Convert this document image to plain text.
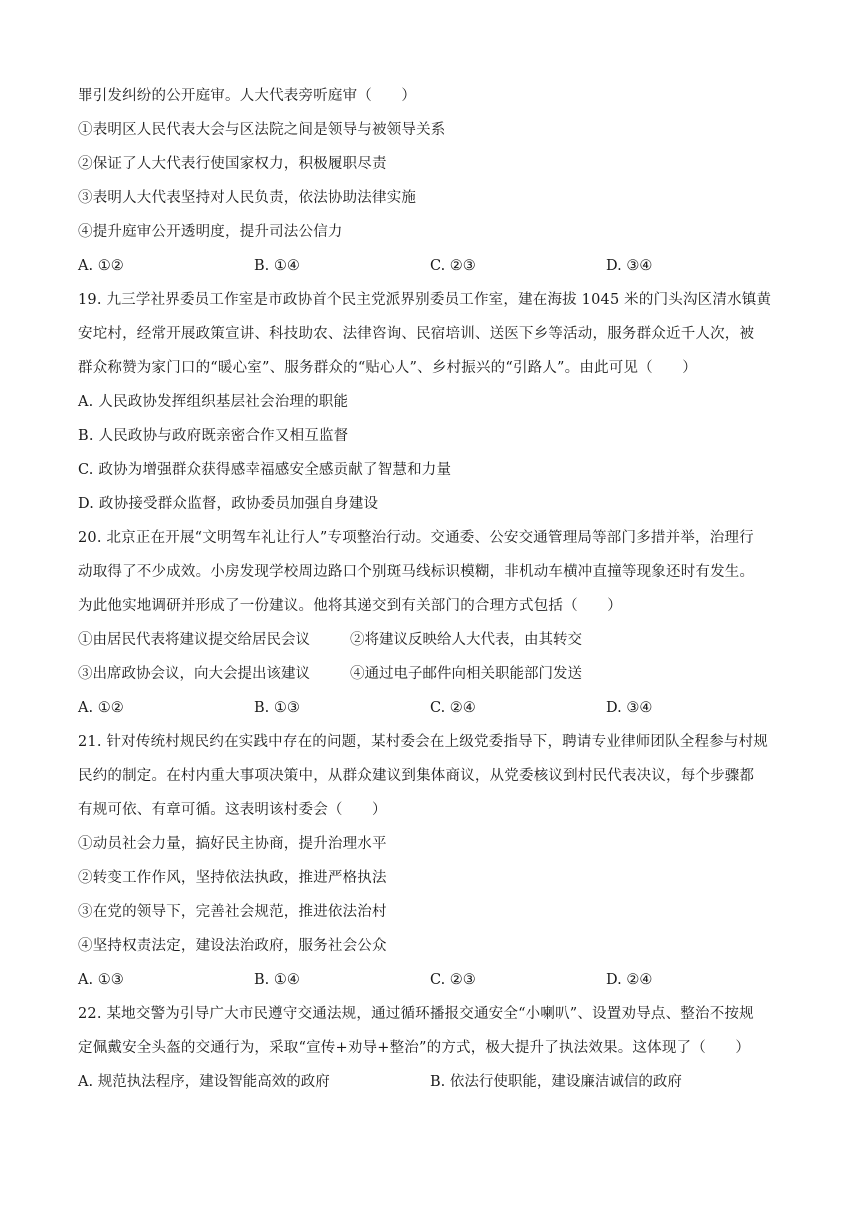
罪引发纠纷的公开庭审。人大代表旁听庭审（　　）
①表明区人民代表大会与区法院之间是领导与被领导关系
②保证了人大代表行使国家权力，积极履职尽责
③表明人大代表坚持对人民负责，依法协助法律实施
④提升庭审公开透明度，提升司法公信力
A. ①②	B. ①④	C. ②③	D. ③④
19. 九三学社界委员工作室是市政协首个民主党派界别委员工作室，建在海拔 1045 米的门头沟区清水镇黄
安坨村，经常开展政策宣讲、科技助农、法律咨询、民宿培训、送医下乡等活动，服务群众近千人次，被
群众称赞为家门口的“暖心室”、服务群众的“贴心人”、乡村振兴的“引路人”。由此可见（　　）
A. 人民政协发挥组织基层社会治理的职能
B. 人民政协与政府既亲密合作又相互监督
C. 政协为增强群众获得感幸福感安全感贡献了智慧和力量
D. 政协接受群众监督，政协委员加强自身建设
20. 北京正在开展“文明驾车礼让行人”专项整治行动。交通委、公安交通管理局等部门多措并举，治理行
动取得了不少成效。小房发现学校周边路口个别斑马线标识模糊，非机动车横冲直撞等现象还时有发生。
为此他实地调研并形成了一份建议。他将其递交到有关部门的合理方式包括（　　）
①由居民代表将建议提交给居民会议	②将建议反映给人大代表，由其转交
③出席政协会议，向大会提出该建议	④通过电子邮件向相关职能部门发送
A. ①②	B. ①③	C. ②④	D. ③④
21. 针对传统村规民约在实践中存在的问题，某村委会在上级党委指导下，聘请专业律师团队全程参与村规
民约的制定。在村内重大事项决策中，从群众建议到集体商议，从党委核议到村民代表决议，每个步骤都
有规可依、有章可循。这表明该村委会（　　）
①动员社会力量，搞好民主协商，提升治理水平
②转变工作作风，坚持依法执政，推进严格执法
③在党的领导下，完善社会规范，推进依法治村
④坚持权责法定，建设法治政府，服务社会公众
A. ①③	B. ①④	C. ②③	D. ②④
22. 某地交警为引导广大市民遵守交通法规，通过循环播报交通安全“小喇叭”、设置劝导点、整治不按规
定佩戴安全头盔的交通行为，采取“宣传+劝导+整治”的方式，极大提升了执法效果。这体现了（　　）
A. 规范执法程序，建设智能高效的政府	B. 依法行使职能，建设廉洁诚信的政府
